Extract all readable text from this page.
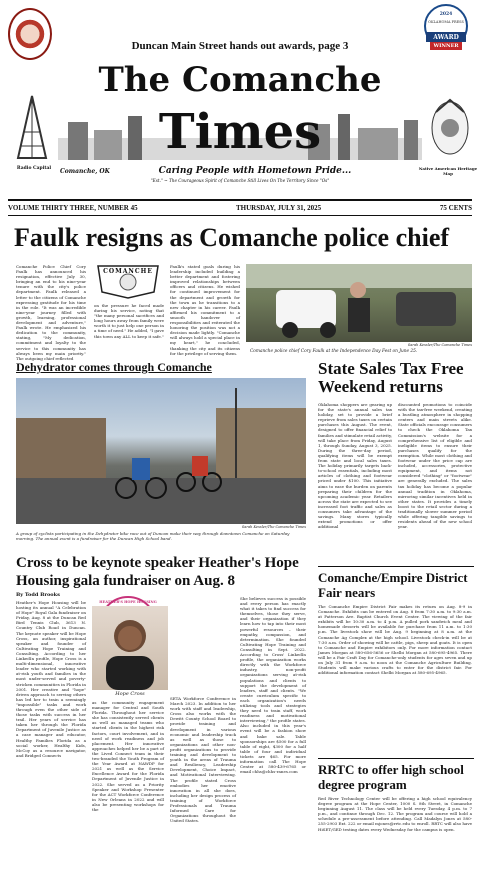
Duncan Main Street hands out awards, page 3
2024
OKLAHOMA PRESS
AWARD
WINNER
The Comanche
Times
Radio Capital	Native American Heritage Map
Comanche, OK	Caring People with Hometown Pride...
"Est." ~ The Courageous Spirit of Comanche Still Lives On The Territory Since "Os"
VOLUME THIRTY THREE, NUMBER 45	THURSDAY, JULY 31, 2025	75 CENTS
Faulk resigns as Comanche police chief
Comanche Police Chief Cory Faulk has announced his resignation, effective July 30, bringing an end to his nine-year tenure with the city's police department. Faulk released a letter to the citizens of Comanche expressing gratitude for his time in the role. "It was an incredible nine-year journey filled with growth, learning, professional development and adventure," Faulk wrote. He emphasized his dedication to the community, stating, "My dedication, commitment and loyalty to the service to this community has always been my main priority." The outgoing chief reflected
COMANCHE
on the pressure he faced made during his service, noting that "the many personal sacrifices and long hours away from family were worth it to just help one person in a time of need." He added, "I gave this town any ALL to keep it safe."
Faulk's stated goals during his leadership included building a better department and fostering improved relationships between officers and citizens. He wished for continued improvement for the department and growth for the town as he transitions to a new chapter in his career. Faulk affirmed his commitment to a smooth handover of responsibilities and reiterated the honoring the position was not a decision made lightly. "Comanche will always hold a special place in my heart," he concluded, thanking the city and its citizens for the privilege of serving them.
Sarah Kessler/The Comanche Times
Comanche police chief Cory Faulk at the Independence Day Fest on June 25.
Dehydrator comes through Comanche
Sarah Kessler/The Comanche Times
A group of cyclists participating in the Dehydrator bike race out of Duncan make their way through downtown Comanche on Saturday morning. The annual event is a fundraiser for the Duncan High School band.
State Sales Tax Free Weekend returns
Oklahoma shoppers are gearing up for the state's annual sales tax holiday, set to provide a brief reprieve from sales taxes on certain purchases this August. The event, designed to offer financial relief to families and stimulate retail activity, will take place from Friday, August 1, through Sunday, August 3, 2025. During the three-day period, qualifying items will be exempt from state and local sales taxes. The holiday primarily targets back-to-school essentials, including most articles of clothing and footwear priced under $100. This initiative aims to ease the burden on parents preparing their children for the upcoming academic year. Retailers across the state are expected to see increased foot traffic and sales as consumers take advantage of the savings. Many stores typically extend promotions or offer additional
discounted promotions to coincide with the tax-free weekend, creating a bustling atmosphere in shopping centers and main streets alike. State officials encourage consumers to check the Oklahoma Tax Commission's website for a comprehensive list of eligible and ineligible items to ensure their purchases qualify for the exemption. While most clothing and footwear under the price cap are included, accessories, protective equipment, and items not considered "clothing" or "footwear" are generally excluded. The sales tax holiday has become a popular annual tradition in Oklahoma, mirroring similar incentives held in other states. It provides a timely boost to the retail sector during a traditionally slower summer period while offering tangible savings to residents ahead of the new school year.
Cross to be keynote speaker Heather's Hope Housing gala fundraiser on Aug. 8
By Todd Brooks
Heather's Hope Housing will be hosting its annual "A Celebration of Hope" Royal Gala fundraiser on Friday, Aug. 8 at the Duncan Red Bird Tennis Club, 3613 N. Country Club Road in Duncan. The keynote speaker will be Hope Cross, an author, inspirational speaker and founder of Cultivating Hope Training and Consulting. According to her LinkedIn profile, Hope Cross is a multi-dimensional, innovative leader who started working with at-risk youth and families in the most under-served and poverty-stricken communities in Florida in 2001. Her creative and "hope" driven approach to serving others has led her to train a seemingly "impossible" tasks and work through even the other side of those tasks with success in her trail. Her years of service has taken her through the Florida Department of Juvenile Justice as a case manager and educator, Healthy Families Florida as a social worker, Healthy Kids, McCoy as a resource navigator, and Bridged Connects
HEATHER'S HOPE HOUSING
Hope Cross
as the community engagement manager for Central and South Florida. Throughout her service she has consistently served clients as well as managed teams who started clients in the highest risk factors, court involvement, and in need of work readiness and job placement. Her innovative approaches helped her be a part of the Lived Connect team in their two-branded the Youth Program of the Year Award at NAWDP for 2021 as well as the Service Excellence Award for the Florida Department of Juvenile Justice in 2022. She served as a Priority Speaker and Workshop Presenter for the ACT Workforce Conference in New Orleans in 2022 and will also be presenting workshops for the
SETA Workforce Conference in March 2023. In addition to her work with staff and leadership, Cross also works with the Dewitt County School Board to provide training and development in various economic and leadership track as well as those to organizations and other non-profit organizations to provide training and development to youth in the areas of Trauma and Resiliency, Leadership Development, Choice Impact, and Motivational Interviewing. The profile stated Cross embodies her emotive innovation in all she does, including her design process of training of Workforce Professionals and Trauma Informed Care for Organizations throughout the United States.
She believes success is possible and every person has exactly what it takes to find success for themselves, those they serve, and their organization if they learn how to tap into their most powerful resources – their empathy, compassion, and determination. She founded Cultivating Hope Training and Consulting in Sept. 2022. According to Cross' LinkedIn profile, the organization works directly with the Workforce industry, non-profit organizations serving at-risk populations and clients to support the development of leaders, staff and clients. "We create curriculum specific to each organization's needs utilizing tools and strategies they need to train staff, work readiness and motivational interviewing," the profile states. Also included in this year's event will be a fashion show and bake sale. Table sponsorships are $500 for a full table of eight, $300 for a half table of four and individual tickets are $65. For more information call The Hope Center at 580-439-6765 or email chhs@chhs-ranes.com
Comanche/Empire District Fair nears
The Comanche Empire District Fair makes its return on Aug. 8-9 in Comanche. Exhibits can be entered on Aug. 8 from 7:30 a.m. to 9:30 a.m. at Patterson Ave. Baptist Church Event Center. The viewing of the fair exhibits will be 10:30 a.m. to 4 p.m. A pulled pork sandwich meal and homemade desserts will be available for purchase from 11 a.m. to 1:30 p.m. The livestock show will be Aug. 9 beginning at 8 a.m. at the Comanche Ag Complex at the high school. Livestock check-in will be at 7:30 a.m. Order of showing will be cattle, pigs, sheep and goats. It is open to Comanche and Empire exhibitors only. For more information contact James Morgan at 580-656-5656 or Shelbi Morgan at 580-695-4965. There will be a Fair Craft Day for Comanche-only students for ages seven and up on July 31 from 9 a.m. to noon at the Comanche Agriculture Building. Students will make various crafts to enter for the district fair. For additional information contact Shelbi Morgan at 580-695-4965.
RRTC to offer high school degree program
Red River Technology Center will be offering a high school equivalency degree program at the Hope Center, 1000 S. 8th Street, in Comanche beginning August 11. The class will be held every Tuesday, 4 p.m. to 7 p.m., and continue through Dec. 12. The program and course will hold a schedule a pre-assessment before attending. Call Madalyn Jones at 580-255-2903 Ext. 222 or email mjones@rrtc.edu to enroll. RRTC will also have HiSET/GED testing dates every Wednesday for the campus is open.
